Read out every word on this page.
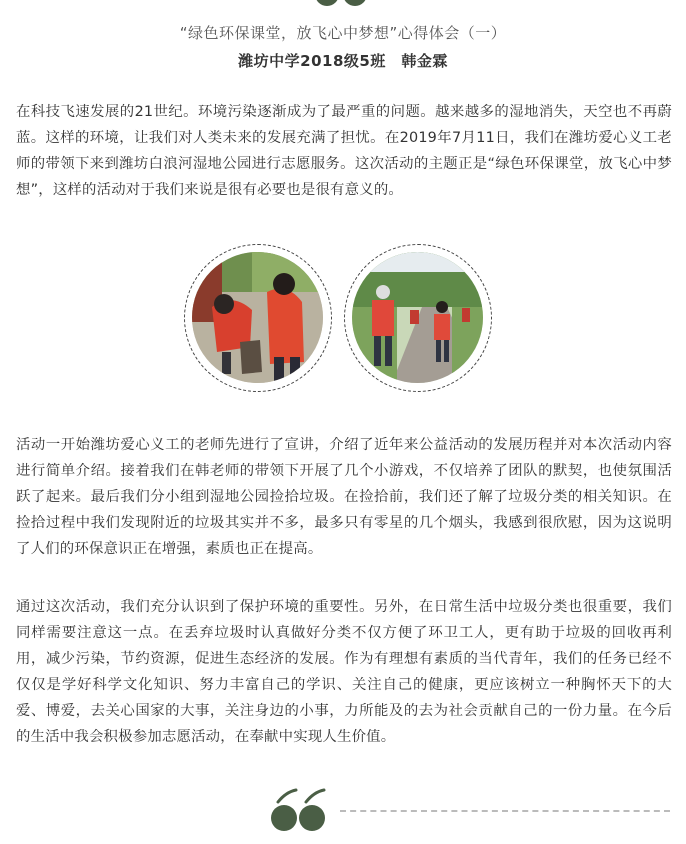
“绿色环保课堂，放飞心中梦想”心得体会（一）
潍坊中学2018级5班　韩金霖

在科技飞速发展的21世纪。环境污染逐渐成为了最严重的问题。越来越多的湿地消失，天空也不再蔚蓝。这样的环境，让我们对人类未来的发展充满了担忧。在2019年7月11日，我们在潍坊爱心义工老师的带领下来到潍坊白浪河湿地公园进行志愿服务。这次活动的主题正是“绿色环保课堂，放飞心中梦想”，这样的活动对于我们来说是很有必要也是很有意义的。

活动一开始潍坊爱心义工的老师先进行了宣讲，介绍了近年来公益活动的发展历程并对本次活动内容进行简单介绍。接着我们在韩老师的带领下开展了几个小游戏，不仅培养了团队的默契，也使氛围活跃了起来。最后我们分小组到湿地公园捡拾垃圾。在捡拾前，我们还了解了垃圾分类的相关知识。在捡拾过程中我们发现附近的垃圾其实并不多，最多只有零星的几个烟头，我感到很欣慰，因为这说明了人们的环保意识正在增强，素质也正在提高。

通过这次活动，我们充分认识到了保护环境的重要性。另外，在日常生活中垃圾分类也很重要，我们同样需要注意这一点。在丢弃垃圾时认真做好分类不仅方便了环卫工人，更有助于垃圾的回收再利用，减少污染，节约资源，促进生态经济的发展。作为有理想有素质的当代青年，我们的任务已经不仅仅是学好科学文化知识、努力丰富自己的学识、关注自己的健康，更应该树立一种胸怀天下的大爱、博爱，去关心国家的大事，关注身边的小事，力所能及的去为社会贡献自己的一份力量。在今后的生活中我会积极参加志愿活动，在奉献中实现人生价值。
